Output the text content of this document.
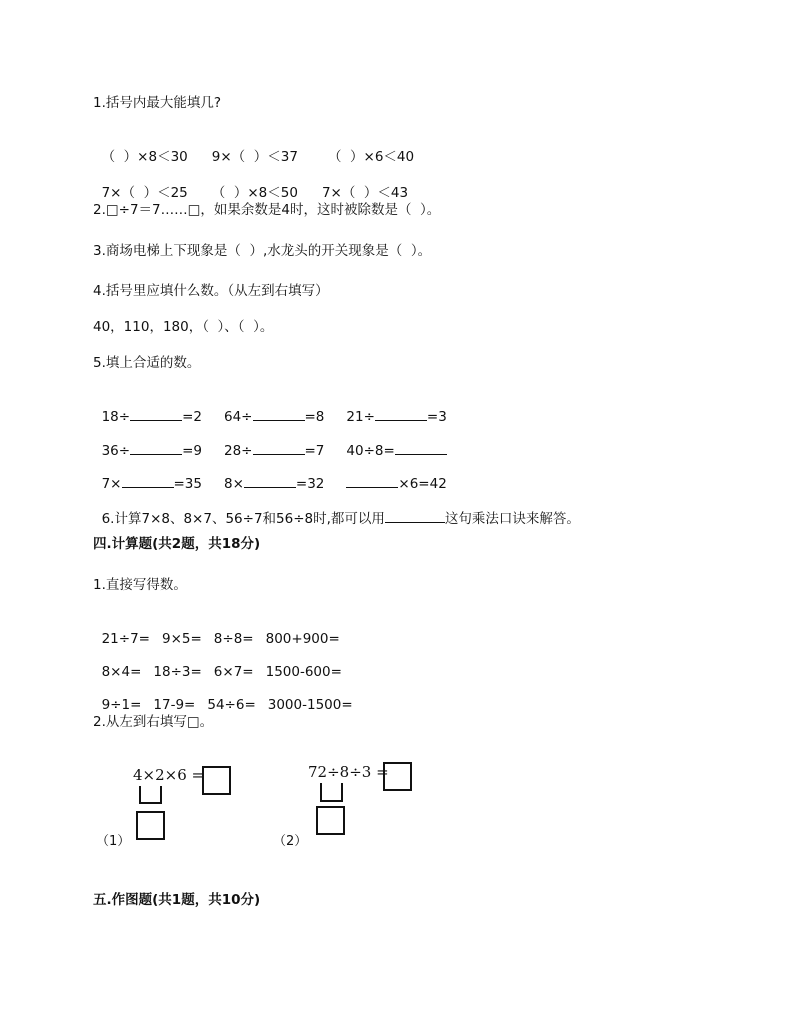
1.括号内最大能填几?

（  ）×8＜30 9×（  ）＜37 （  ）×6＜40

7×（  ）＜25 （  ）×8＜50 7×（  ）＜43

2.□÷7＝7……□，如果余数是4时，这时被除数是（  ）。
3.商场电梯上下现象是（  ）,水龙头的开关现象是（  ）。
4.括号里应填什么数。（从左到右填写）
40，110，180，（  ）、（  ）。
5.填上合适的数。

18÷	=2 64÷	=8 21÷	=3

36÷	=9 28÷	=7 40÷8=

7×	=35 8×	=32	×6=42

6.计算7×8、8×7、56÷7和56÷8时,都可以用	这句乘法口诀来解答。

四.计算题(共2题，共18分)
1.直接写得数。

21÷7= 9×5= 8÷8= 800+900=

8×4= 18÷3= 6×7= 1500-600=

9÷1= 17-9= 54÷6= 3000-1500=

2.从左到右填写□。
4×2×6 =
（1）
72÷8÷3 =
（2）
五.作图题(共1题，共10分)
